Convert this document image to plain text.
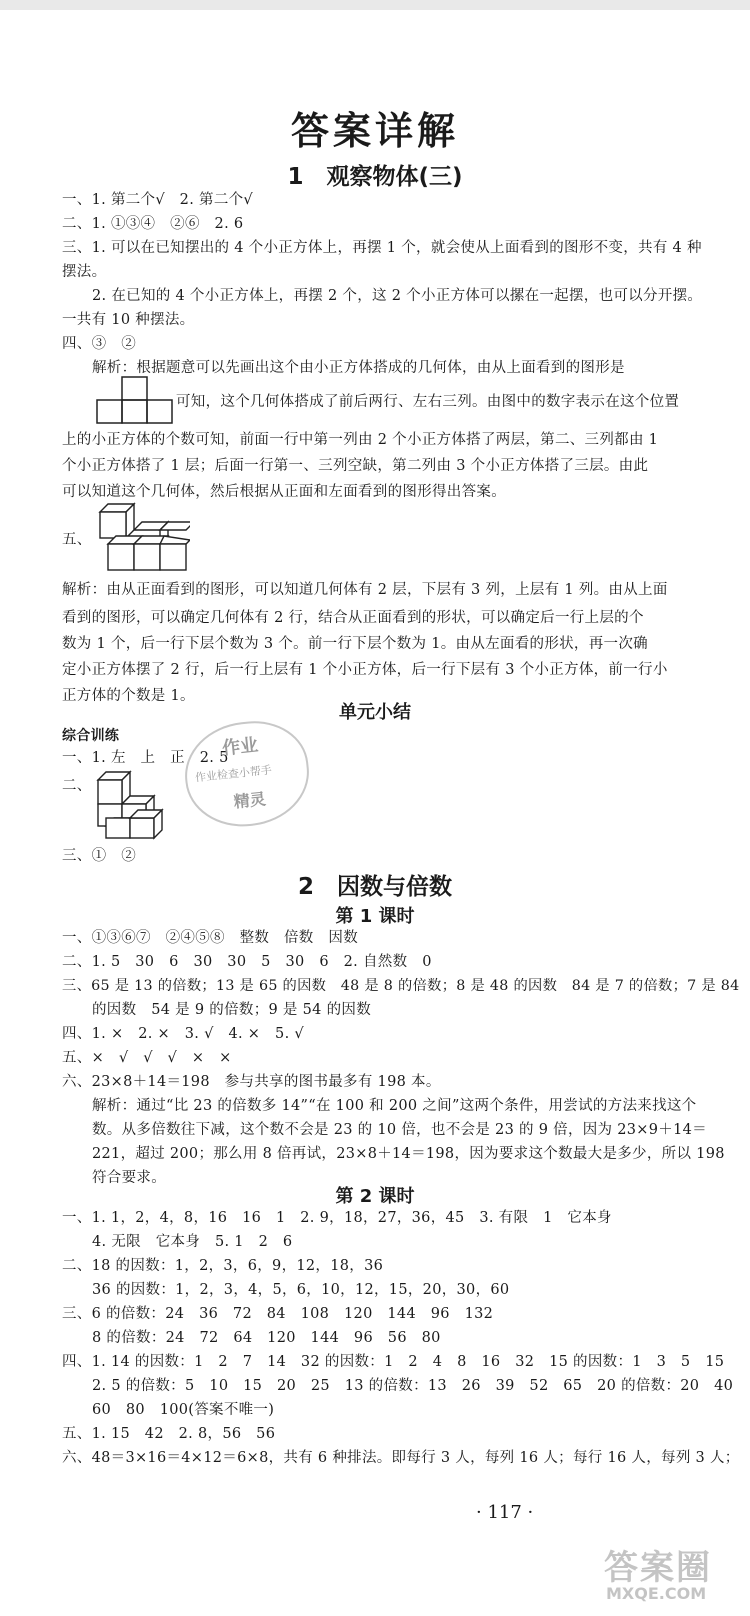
答案详解
1　观察物体(三)
一、1. 第二个√　2. 第二个√
二、1. ①③④　②⑥　2. 6
三、1. 可以在已知摆出的 4 个小正方体上，再摆 1 个，就会使从上面看到的图形不变，共有 4 种
摆法。
2. 在已知的 4 个小正方体上，再摆 2 个，这 2 个小正方体可以摞在一起摆，也可以分开摆。
一共有 10 种摆法。
四、③　②
解析：根据题意可以先画出这个由小正方体搭成的几何体，由从上面看到的图形是
可知，这个几何体搭成了前后两行、左右三列。由图中的数字表示在这个位置
上的小正方体的个数可知，前面一行中第一列由 2 个小正方体搭了两层，第二、三列都由 1
个小正方体搭了 1 层；后面一行第一、三列空缺，第二列由 3 个小正方体搭了三层。由此
可以知道这个几何体，然后根据从正面和左面看到的图形得出答案。
五、
解析：由从正面看到的图形，可以知道几何体有 2 层，下层有 3 列，上层有 1 列。由从上面
看到的图形，可以确定几何体有 2 行，结合从正面看到的形状，可以确定后一行上层的个
数为 1 个，后一行下层个数为 3 个。前一行下层个数为 1。由从左面看的形状，再一次确
定小正方体摆了 2 行，后一行上层有 1 个小正方体，后一行下层有 3 个小正方体，前一行小
正方体的个数是 1。
单元小结
综合训练
一、1. 左　上　正　2. 5
二、
作业
作业检查小帮手
精灵
三、①　②
2　因数与倍数
第 1 课时
一、①③⑥⑦　②④⑤⑧　整数　倍数　因数
二、1. 5　30　6　30　30　5　30　6　2. 自然数　0
三、65 是 13 的倍数；13 是 65 的因数　48 是 8 的倍数；8 是 48 的因数　84 是 7 的倍数；7 是 84
的因数　54 是 9 的倍数；9 是 54 的因数
四、1. ×　2. ×　3. √　4. ×　5. √
五、×　√　√　√　×　×
六、23×8＋14＝198　参与共享的图书最多有 198 本。
解析：通过“比 23 的倍数多 14”“在 100 和 200 之间”这两个条件，用尝试的方法来找这个
数。从多倍数往下减，这个数不会是 23 的 10 倍，也不会是 23 的 9 倍，因为 23×9＋14＝
221，超过 200；那么用 8 倍再试，23×8＋14＝198，因为要求这个数最大是多少，所以 198
符合要求。
第 2 课时
一、1. 1，2，4，8，16　16　1　2. 9，18，27，36，45　3. 有限　1　它本身
4. 无限　它本身　5. 1　2　6
二、18 的因数：1，2，3，6，9，12，18，36
36 的因数：1，2，3，4，5，6，10，12，15，20，30，60
三、6 的倍数：24　36　72　84　108　120　144　96　132
8 的倍数：24　72　64　120　144　96　56　80
四、1. 14 的因数：1　2　7　14　32 的因数：1　2　4　8　16　32　15 的因数：1　3　5　15
2. 5 的倍数：5　10　15　20　25　13 的倍数：13　26　39　52　65　20 的倍数：20　40
60　80　100(答案不唯一)
五、1. 15　42　2. 8，56　56
六、48＝3×16＝4×12＝6×8，共有 6 种排法。即每行 3 人，每列 16 人；每行 16 人，每列 3 人；
· 117 ·
答案圈
MXQE.COM
